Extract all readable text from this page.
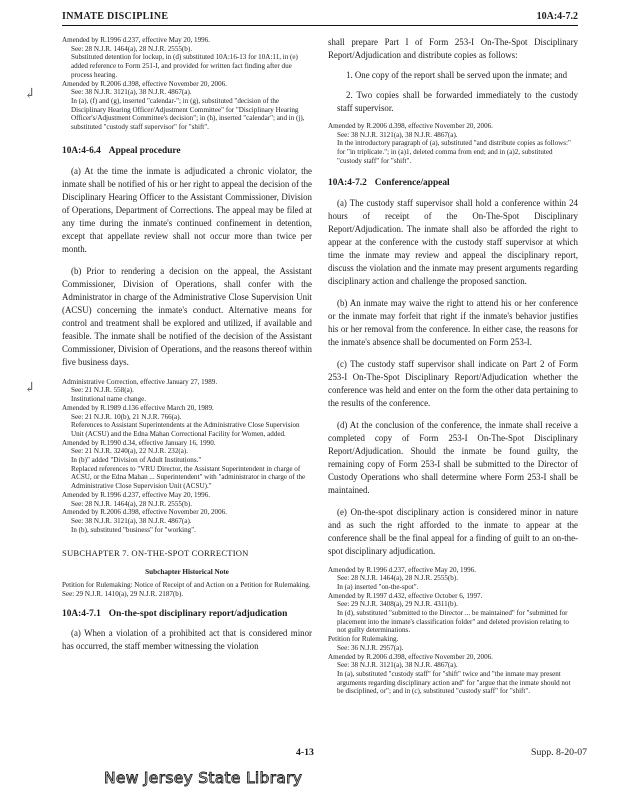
INMATE DISCIPLINE	10A:4-7.2
↲
↲
Amended by R.1996 d.237, effective May 20, 1996.
See: 28 N.J.R. 1464(a), 28 N.J.R. 2555(b).
Substituted detention for lockup, in (d) substituted 10A:16-13 for 10A:11, in (e) added reference to Form 251-I, and provided for written fact finding after due process hearing.
Amended by R.2006 d.398, effective November 20, 2006.
See: 38 N.J.R. 3121(a), 38 N.J.R. 4867(a).
In (a), (f) and (g), inserted "calendar-"; in (g), substituted "decision of the Disciplinary Hearing Officer/Adjustment Committee" for "Disciplinary Hearing Officer's/Adjustment Committee's decision"; in (h), inserted "calendar"; and in (j), substituted "custody staff supervisor" for "shift".
10A:4-6.4 Appeal procedure
(a) At the time the inmate is adjudicated a chronic violator, the inmate shall be notified of his or her right to appeal the decision of the Disciplinary Hearing Officer to the Assistant Commissioner, Division of Operations, Department of Corrections. The appeal may be filed at any time during the inmate's continued confinement in detention, except that appellate review shall not occur more than twice per month.
(b) Prior to rendering a decision on the appeal, the Assistant Commissioner, Division of Operations, shall confer with the Administrator in charge of the Administrative Close Supervision Unit (ACSU) concerning the inmate's conduct. Alternative means for control and treatment shall be explored and utilized, if available and feasible. The inmate shall be notified of the decision of the Assistant Commissioner, Division of Operations, and the reasons thereof within five business days.
Administrative Correction, effective January 27, 1989.
See: 21 N.J.R. 558(a).
Institutional name change.
Amended by R.1989 d.136 effective March 20, 1989.
See: 21 N.J.R. 10(b), 21 N.J.R. 766(a).
References to Assistant Superintendents at the Administrative Close Supervision Unit (ACSU) and the Edna Mahan Correctional Facility for Women, added.
Amended by R.1990 d.34, effective January 16, 1990.
See: 21 N.J.R. 3240(a), 22 N.J.R. 232(a).
In (b)" added "Division of Adult Institutions."
Replaced references to "VRU Director, the Assistant Superintendent in charge of ACSU, or the Edna Mahan ... Superintendent" with "administrator in charge of the Administrative Close Supervision Unit (ACSU)."
Amended by R.1996 d.237, effective May 20, 1996.
See: 28 N.J.R. 1464(a), 28 N.J.R. 2555(b).
Amended by R.2006 d.398, effective November 20, 2006.
See: 38 N.J.R. 3121(a), 38 N.J.R. 4867(a).
In (b), substituted "business" for "working".
SUBCHAPTER 7. ON-THE-SPOT CORRECTION
Subchapter Historical Note
Petition for Rulemaking: Notice of Receipt of and Action on a Petition for Rulemaking. See: 29 N.J.R. 1410(a), 29 N.J.R. 2187(b).
10A:4-7.1 On-the-spot disciplinary report/adjudication
(a) When a violation of a prohibited act that is considered minor has occurred, the staff member witnessing the violation
shall prepare Part I of Form 253-I On-The-Spot Disciplinary Report/Adjudication and distribute copies as follows:
1. One copy of the report shall be served upon the inmate; and
2. Two copies shall be forwarded immediately to the custody staff supervisor.
Amended by R.2006 d.398, effective November 20, 2006.
See: 38 N.J.R. 3121(a), 38 N.J.R. 4867(a).
In the introductory paragraph of (a), substituted "and distribute copies as follows:" for "in triplicate."; in (a)1, deleted comma from end; and in (a)2, substituted "custody staff" for "shift".
10A:4-7.2 Conference/appeal
(a) The custody staff supervisor shall hold a conference within 24 hours of receipt of the On-The-Spot Disciplinary Report/Adjudication. The inmate shall also be afforded the right to appear at the conference with the custody staff supervisor at which time the inmate may review and appeal the disciplinary report, discuss the violation and the inmate may present arguments regarding disciplinary action and challenge the proposed sanction.
(b) An inmate may waive the right to attend his or her conference or the inmate may forfeit that right if the inmate's behavior justifies his or her removal from the conference. In either case, the reasons for the inmate's absence shall be documented on Form 253-I.
(c) The custody staff supervisor shall indicate on Part 2 of Form 253-I On-The-Spot Disciplinary Report/Adjudication whether the conference was held and enter on the form the other data pertaining to the results of the conference.
(d) At the conclusion of the conference, the inmate shall receive a completed copy of Form 253-I On-The-Spot Disciplinary Report/Adjudication. Should the inmate be found guilty, the remaining copy of Form 253-I shall be submitted to the Director of Custody Operations who shall determine where Form 253-I shall be maintained.
(e) On-the-spot disciplinary action is considered minor in nature and as such the right afforded to the inmate to appear at the conference shall be the final appeal for a finding of guilt to an on-the-spot disciplinary adjudication.
Amended by R.1996 d.237, effective May 20, 1996.
See: 28 N.J.R. 1464(a), 28 N.J.R. 2555(b).
In (a) inserted "on-the-spot".
Amended by R.1997 d.432, effective October 6, 1997.
See: 29 N.J.R. 3408(a), 29 N.J.R. 4311(b).
In (d), substituted "submitted to the Director ... be maintained" for "submitted for placement into the inmate's classification folder" and deleted provision relating to not guilty determinations.
Petition for Rulemaking.
See: 36 N.J.R. 2957(a).
Amended by R.2006 d.398, effective November 20, 2006.
See: 38 N.J.R. 3121(a), 38 N.J.R. 4867(a).
In (a), substituted "custody staff" for "shift" twice and "the inmate may present arguments regarding disciplinary action and" for "argue that the inmate should not be disciplined, or"; and in (c), substituted "custody staff" for "shift".
4-13	Supp. 8-20-07
New Jersey State Library
